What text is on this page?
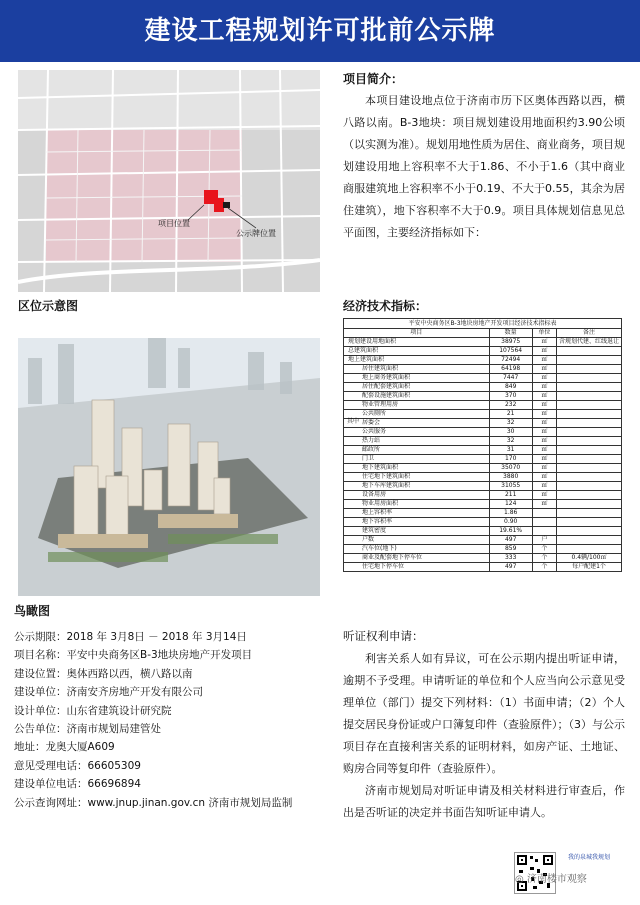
建设工程规划许可批前公示牌
项目位置
公示牌位置
区位示意图
鸟瞰图
项目简介：
本项目建设地点位于济南市历下区奥体西路以西，横八路以南。B-3地块：项目规划建设用地面积约3.90公顷（以实测为准）。规划用地性质为居住、商业商务，项目规划建设用地上容积率不大于1.86、不小于1.6（其中商业商服建筑地上容积率不小于0.19、不大于0.55，其余为居住建筑），地下容积率不大于0.9。项目具体规划信息见总平面图，主要经济指标如下：
经济技术指标：
平安中央商务区B-3地块房地产开发项目经济技术指标表
项目	数量	单位	备注
规划建设用地面积	38975	㎡	含规划代建、红线退让
总建筑面积	107564	㎡	
地上建筑面积	72494	㎡	
居住建筑面积	64198	㎡	
地上商务建筑面积	7447	㎡	
居住配套建筑面积	849	㎡	
配套设施建筑面积	370	㎡	
物业管理用房	232	㎡	
公共厕所	21	㎡	
居委会	32	㎡	
公共服务	30	㎡	
热力站	32	㎡	
邮政所	31	㎡	
门卫	170	㎡	
地下建筑面积	35070	㎡	
住宅地下建筑面积	3880	㎡	
地下车库建筑面积	31055	㎡	
设备用房	211	㎡	
物业用房面积	124	㎡	
地上容积率	1.86		
地下容积率	0.90		
建筑密度	19.61%		
户数	497	户	
汽车位(地下)	859	个	
商业及配套地下停车位	333	个	0.4辆/100㎡
住宅地下停车位	497	个	每户配建1个
其中
公示期限：2018 年 3月8日 － 2018 年 3月14日
项目名称：平安中央商务区B-3地块房地产开发项目
建设位置：奥体西路以西，横八路以南
建设单位：济南安齐房地产开发有限公司
设计单位：山东省建筑设计研究院
公告单位：济南市规划局建管处
地址：龙奥大厦A609
意见受理电话：66605309
建设单位电话：66696894
公示查询网址：www.jnup.jinan.gov.cn 济南市规划局监制
听证权利申请：
利害关系人如有异议，可在公示期内提出听证申请，逾期不予受理。申请听证的单位和个人应当向公示意见受理单位（部门）提交下列材料：（1）书面申请；（2）个人提交居民身份证或户口簿复印件（查验原件）；（3）与公示项目存在直接利害关系的证明材料，如房产证、土地证、购房合同等复印件（查验原件）。
济南市规划局对听证申请及相关材料进行审查后，作出是否听证的决定并书面告知听证申请人。
我的泉城我规划
◎ 济南楼市观察
